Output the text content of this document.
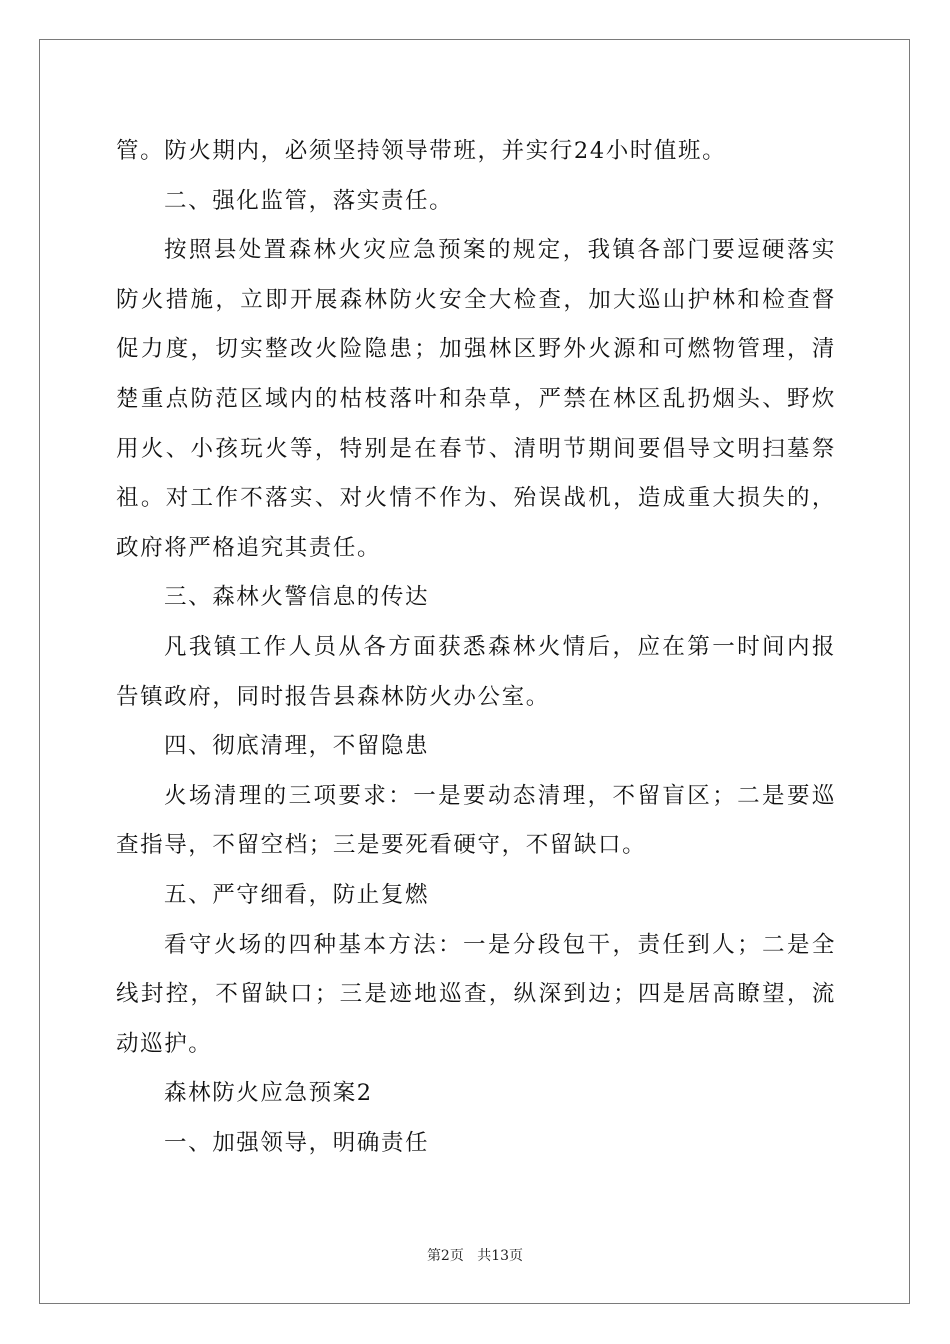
管。防火期内，必须坚持领导带班，并实行24小时值班。

二、强化监管，落实责任。

按照县处置森林火灾应急预案的规定，我镇各部门要逗硬落实防火措施，立即开展森林防火安全大检查，加大巡山护林和检查督促力度，切实整改火险隐患；加强林区野外火源和可燃物管理，清楚重点防范区域内的枯枝落叶和杂草，严禁在林区乱扔烟头、野炊用火、小孩玩火等，特别是在春节、清明节期间要倡导文明扫墓祭祖。对工作不落实、对火情不作为、殆误战机，造成重大损失的，政府将严格追究其责任。

三、森林火警信息的传达

凡我镇工作人员从各方面获悉森林火情后，应在第一时间内报告镇政府，同时报告县森林防火办公室。

四、彻底清理，不留隐患

火场清理的三项要求：一是要动态清理，不留盲区；二是要巡查指导，不留空档；三是要死看硬守，不留缺口。

五、严守细看，防止复燃

看守火场的四种基本方法：一是分段包干，责任到人；二是全线封控，不留缺口；三是迹地巡查，纵深到边；四是居高瞭望，流动巡护。

森林防火应急预案2

一、加强领导，明确责任

第2页 共13页
